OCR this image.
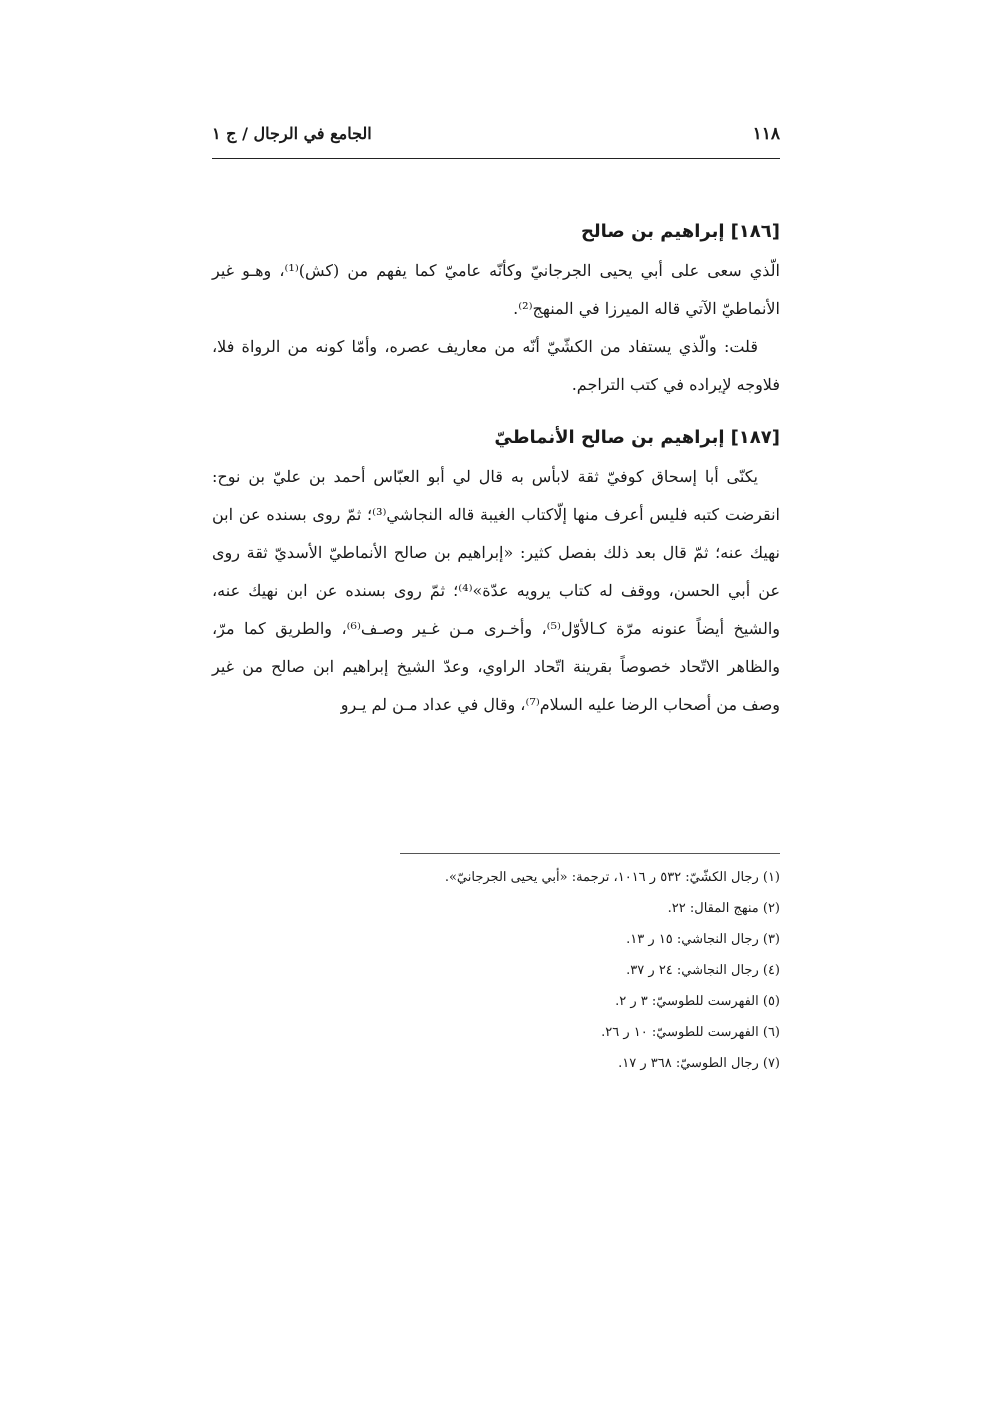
١١٨
الجامع في الرجال / ج ١
[١٨٦]إبراهيم بن صالح

الّذي سعى على أبي يحيى الجرجانيّ وكأنّه عاميّ كما يفهم من (كش)⁽¹⁾، وهـو غير الأنماطيّ الآتي قاله الميرزا في المنهج⁽²⁾.

قلت: والّذي يستفاد من الكشّيّ أنّه من معاريف عصره، وأمّا كونه من الرواة فلا، فلاوجه لإيراده في كتب التراجم.

[١٨٧]إبراهيم بن صالح الأنماطيّ

يكنّى أبا إسحاق كوفيّ ثقة لابأس به قال لي أبو العبّاس أحمد بن عليّ بن نوح: انقرضت كتبه فليس أعرف منها إلّاكتاب الغيبة قاله النجاشي⁽³⁾؛ ثمّ روى بسنده عن ابن نهيك عنه؛ ثمّ قال بعد ذلك بفصل كثير: «إبراهيم بن صالح الأنماطيّ الأسديّ ثقة روى عن أبي الحسن، ووقف له كتاب يرويه عدّة»⁽⁴⁾؛ ثمّ روى بسنده عن ابن نهيك عنه، والشيخ أيضاً عنونه مرّة كـالأوّل⁽⁵⁾، وأخـرى مـن غـير وصـف⁽⁶⁾، والطريق كما مرّ، والظاهر الاتّحاد خصوصاً بقرينة اتّحاد الراوي، وعدّ الشيخ إبراهيم ابن صالح من غير وصف من أصحاب الرضا عليه السلام⁽⁷⁾، وقال في عداد مـن لم يـرو

(١) رجال الكشّيّ: ٥٣٢ ر ١٠١٦، ترجمة: «أبي يحيى الجرجانيّ».

(٢) منهج المقال: ٢٢.

(٣) رجال النجاشي: ١٥ ر ١٣.

(٤) رجال النجاشي: ٢٤ ر ٣٧.

(٥) الفهرست للطوسيّ: ٣ ر ٢.

(٦) الفهرست للطوسيّ: ١٠ ر ٢٦.

(٧) رجال الطوسيّ: ٣٦٨ ر ١٧.
